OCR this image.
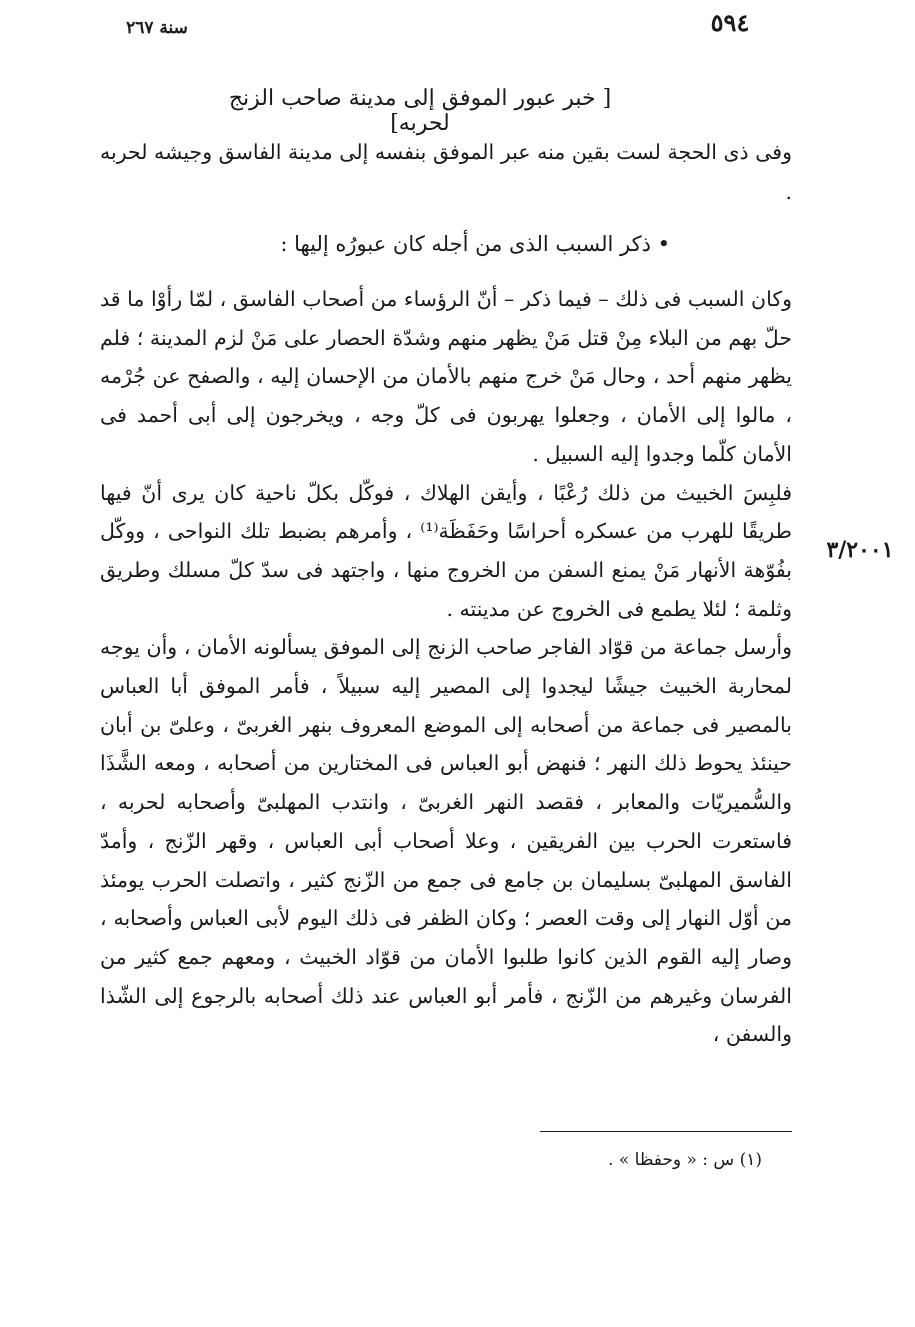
٥٩٤
سنة ٢٦٧
[ خبر عبور الموفق إلى مدينة صاحب الزنج لحربه]
وفى ذى الحجة لست بقين منه عبر الموفق بنفسه إلى مدينة الفاسق وجيشه لحربه .
• ذكر السبب الذى من أجله كان عبورُه إليها :

وكان السبب فى ذلك – فيما ذكر – أنّ الرؤساء من أصحاب الفاسق ، لمّا رأوْا ما قد حلّ بهم من البلاء مِنْ قتل مَنْ يظهر منهم وشدّة الحصار على مَنْ لزم المدينة ؛ فلم يظهر منهم أحد ، وحال مَنْ خرج منهم بالأمان من الإحسان إليه ، والصفح عن جُرْمه ، مالوا إلى الأمان ، وجعلوا يهربون فى كلّ وجه ، ويخرجون إلى أبى أحمد فى الأمان كلّما وجدوا إليه السبيل .

فلبِسَ الخبيث من ذلك رُعْبًا ، وأيقن الهلاك ، فوكّل بكلّ ناحية كان يرى أنّ فيها طريقًا للهرب من عسكره أحراسًا وحَفَظَة⁽¹⁾ ، وأمرهم بضبط تلك النواحى ، ووكّل بفُوّهة الأنهار مَنْ يمنع السفن من الخروج منها ، واجتهد فى سدّ كلّ مسلك وطريق وثلمة ؛ لئلا يطمع فى الخروج عن مدينته .

وأرسل جماعة من قوّاد الفاجر صاحب الزنج إلى الموفق يسألونه الأمان ، وأن يوجه لمحاربة الخبيث جيشًا ليجدوا إلى المصير إليه سبيلاً ، فأمر الموفق أبا العباس بالمصير فى جماعة من أصحابه إلى الموضع المعروف بنهر الغربىّ ، وعلىّ بن أبان حينئذ يحوط ذلك النهر ؛ فنهض أبو العباس فى المختارين من أصحابه ، ومعه الشَّذَا والسُّميريّات والمعابر ، فقصد النهر الغربىّ ، وانتدب المهلبىّ وأصحابه لحربه ، فاستعرت الحرب بين الفريقين ، وعلا أصحاب أبى العباس ، وقهر الزّنج ، وأمدّ الفاسق المهلبىّ بسليمان بن جامع فى جمع من الزّنج كثير ، واتصلت الحرب يومئذ من أوّل النهار إلى وقت العصر ؛ وكان الظفر فى ذلك اليوم لأبى العباس وأصحابه ، وصار إليه القوم الذين كانوا طلبوا الأمان من قوّاد الخبيث ، ومعهم جمع كثير من الفرسان وغيرهم من الزّنج ، فأمر أبو العباس عند ذلك أصحابه بالرجوع إلى الشّذا والسفن ،

٣/٢٠٠١
(١) س : « وحفظا » .
